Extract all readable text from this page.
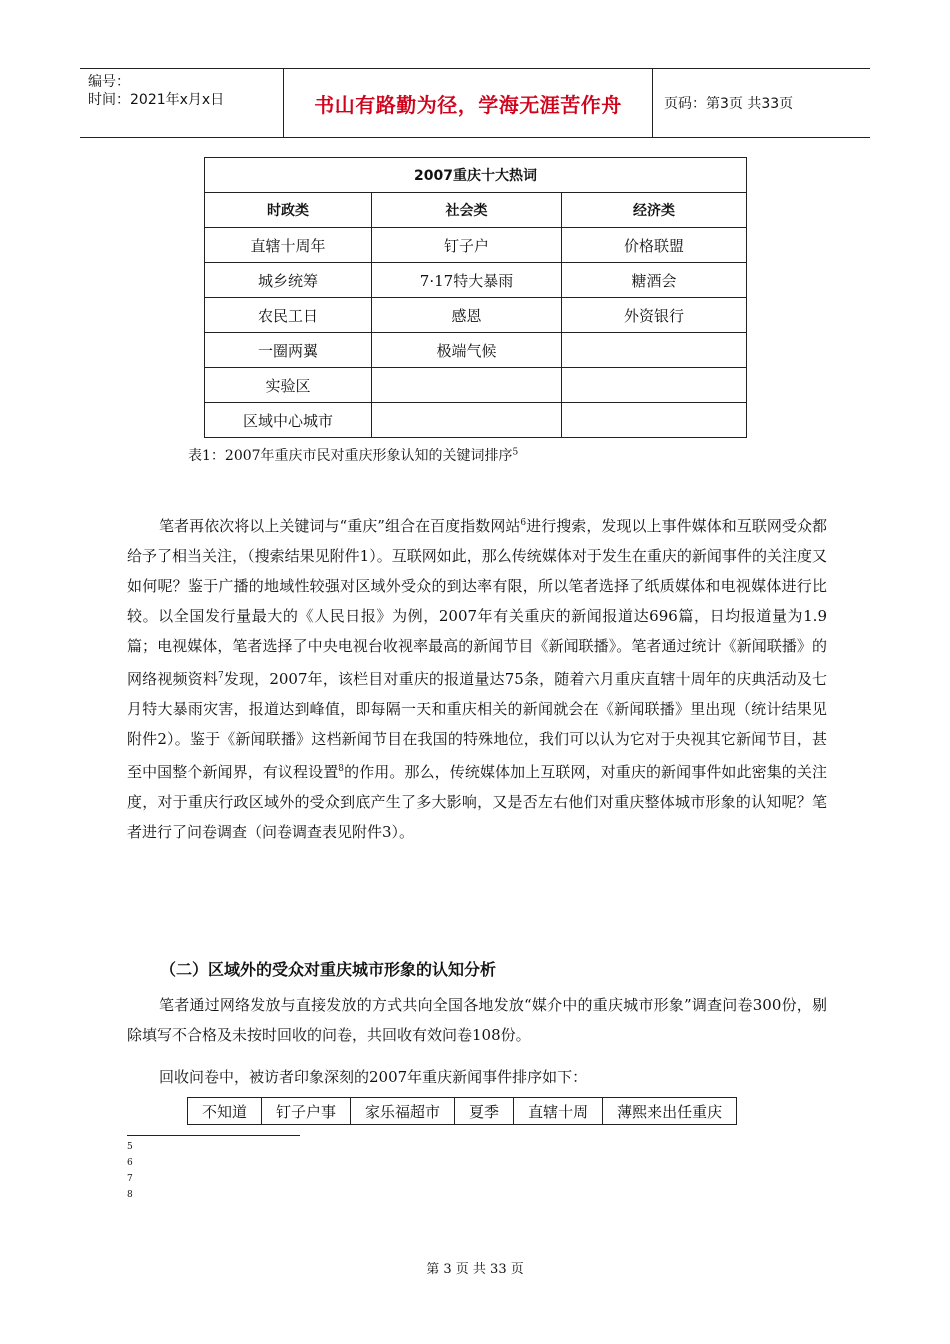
编号：
时间：2021年x月x日	书山有路勤为径，学海无涯苦作舟	页码：第3页 共33页
2007重庆十大热词		
时政类	社会类	经济类
直辖十周年	钉子户	价格联盟
城乡统筹	7·17特大暴雨	糖酒会
农民工日	感恩	外资银行
一圈两翼	极端气候	
实验区		
区域中心城市		
表1：2007年重庆市民对重庆形象认知的关键词排序$^5$

笔者再依次将以上关键词与“重庆”组合在百度指数网站$^6$进行搜索，发现以上事件媒体和互联网受众都给予了相当关注，（搜索结果见附件1）。互联网如此，那么传统媒体对于发生在重庆的新闻事件的关注度又如何呢？鉴于广播的地域性较强对区域外受众的到达率有限，所以笔者选择了纸质媒体和电视媒体进行比较。以全国发行量最大的《人民日报》为例，2007年有关重庆的新闻报道达696篇，日均报道量为1.9篇；电视媒体，笔者选择了中央电视台收视率最高的新闻节目《新闻联播》。笔者通过统计《新闻联播》的网络视频资料$^7$发现，2007年，该栏目对重庆的报道量达75条，随着六月重庆直辖十周年的庆典活动及七月特大暴雨灾害，报道达到峰值，即每隔一天和重庆相关的新闻就会在《新闻联播》里出现（统计结果见附件2）。鉴于《新闻联播》这档新闻节目在我国的特殊地位，我们可以认为它对于央视其它新闻节目，甚至中国整个新闻界，有议程设置$^8$的作用。那么，传统媒体加上互联网，对重庆的新闻事件如此密集的关注度，对于重庆行政区域外的受众到底产生了多大影响，又是否左右他们对重庆整体城市形象的认知呢？笔者进行了问卷调查（问卷调查表见附件3）。

（二）区域外的受众对重庆城市形象的认知分析

笔者通过网络发放与直接发放的方式共向全国各地发放“媒介中的重庆城市形象”调查问卷300份，剔除填写不合格及未按时回收的问卷，共回收有效问卷108份。

回收问卷中，被访者印象深刻的2007年重庆新闻事件排序如下：

不知道	钉子户事	家乐福超市	夏季	直辖十周	薄熙来出任重庆
5
6
7
8
第 3 页 共 33 页
